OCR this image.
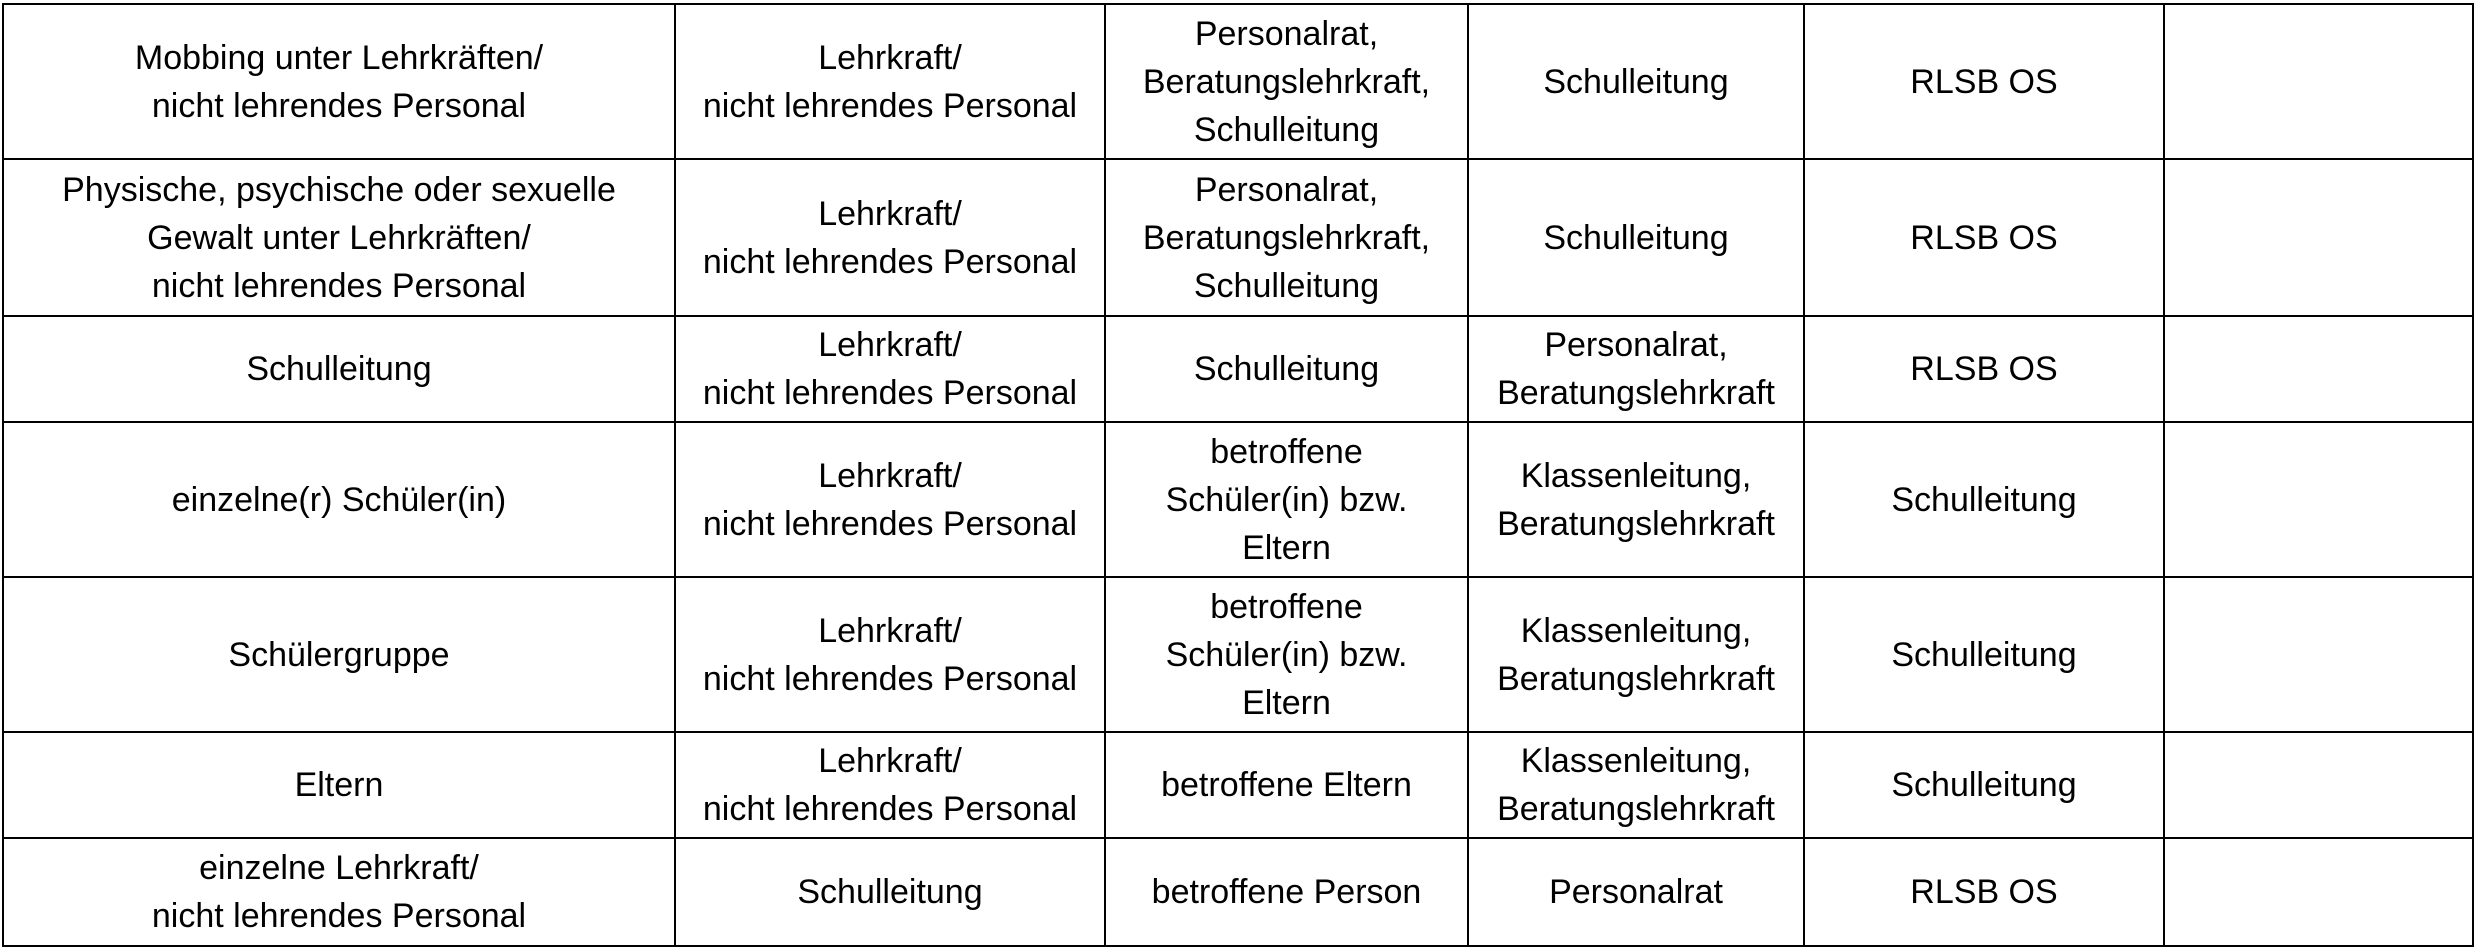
Mobbing unter Lehrkräften/
nicht lehrendes Personal	Lehrkraft/
nicht lehrendes Personal	Personalrat,
Beratungslehrkraft,
Schulleitung	Schulleitung	RLSB OS	

Physische, psychische oder sexuelle
Gewalt unter Lehrkräften/
nicht lehrendes Personal	Lehrkraft/
nicht lehrendes Personal	Personalrat,
Beratungslehrkraft,
Schulleitung	Schulleitung	RLSB OS	

Schulleitung	Lehrkraft/
nicht lehrendes Personal	Schulleitung	Personalrat,
Beratungslehrkraft	RLSB OS	

einzelne(r) Schüler(in)	Lehrkraft/
nicht lehrendes Personal	betroffene
Schüler(in) bzw.
Eltern	Klassenleitung,
Beratungslehrkraft	Schulleitung	

Schülergruppe	Lehrkraft/
nicht lehrendes Personal	betroffene
Schüler(in) bzw.
Eltern	Klassenleitung,
Beratungslehrkraft	Schulleitung	

Eltern	Lehrkraft/
nicht lehrendes Personal	betroffene Eltern	Klassenleitung,
Beratungslehrkraft	Schulleitung	

einzelne Lehrkraft/
nicht lehrendes Personal	Schulleitung	betroffene Person	Personalrat	RLSB OS	
